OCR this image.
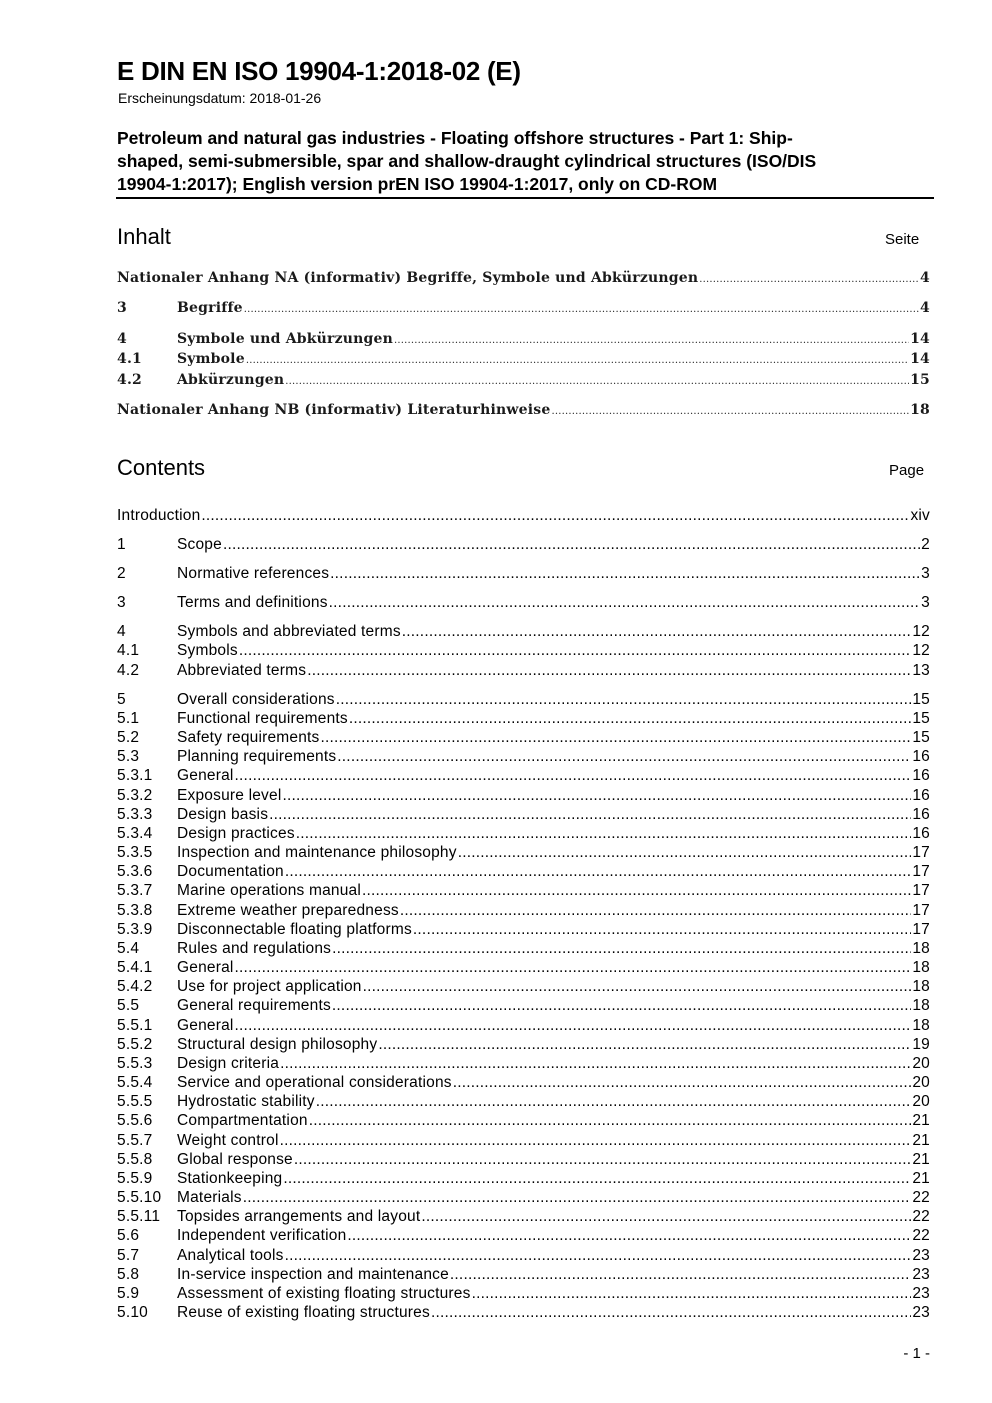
E DIN EN ISO 19904-1:2018-02 (E)
Erscheinungsdatum: 2018-01-26
Petroleum and natural gas industries - Floating offshore structures - Part 1: Ship-
shaped, semi-submersible, spar and shallow-draught cylindrical structures (ISO/DIS
19904-1:2017); English version prEN ISO 19904-1:2017, only on CD-ROM
Inhalt	Seite
Nationaler Anhang NA (informativ) Begriffe, Symbole und Abkürzungen .....	4
3	Begriffe .....	4
4	Symbole und Abkürzungen .....	14
4.1	Symbole .....	14
4.2	Abkürzungen .....	15
Nationaler Anhang NB (informativ) Literaturhinweise .....	18
Contents	Page
Introduction .....	xiv
1	Scope .....	2
2	Normative references .....	3
3	Terms and definitions .....	3
4	Symbols and abbreviated terms .....	12
4.1	Symbols .....	12
4.2	Abbreviated terms .....	13
5	Overall considerations .....	15
5.1	Functional requirements .....	15
5.2	Safety requirements .....	15
5.3	Planning requirements .....	16
5.3.1	General .....	16
5.3.2	Exposure level .....	16
5.3.3	Design basis .....	16
5.3.4	Design practices .....	16
5.3.5	Inspection and maintenance philosophy .....	17
5.3.6	Documentation .....	17
5.3.7	Marine operations manual .....	17
5.3.8	Extreme weather preparedness .....	17
5.3.9	Disconnectable floating platforms .....	17
5.4	Rules and regulations .....	18
5.4.1	General .....	18
5.4.2	Use for project application .....	18
5.5	General requirements .....	18
5.5.1	General .....	18
5.5.2	Structural design philosophy .....	19
5.5.3	Design criteria .....	20
5.5.4	Service and operational considerations .....	20
5.5.5	Hydrostatic stability .....	20
5.5.6	Compartmentation .....	21
5.5.7	Weight control .....	21
5.5.8	Global response .....	21
5.5.9	Stationkeeping .....	21
5.5.10	Materials .....	22
5.5.11	Topsides arrangements and layout .....	22
5.6	Independent verification .....	22
5.7	Analytical tools .....	23
5.8	In-service inspection and maintenance .....	23
5.9	Assessment of existing floating structures .....	23
5.10	Reuse of existing floating structures .....	23
- 1 -
